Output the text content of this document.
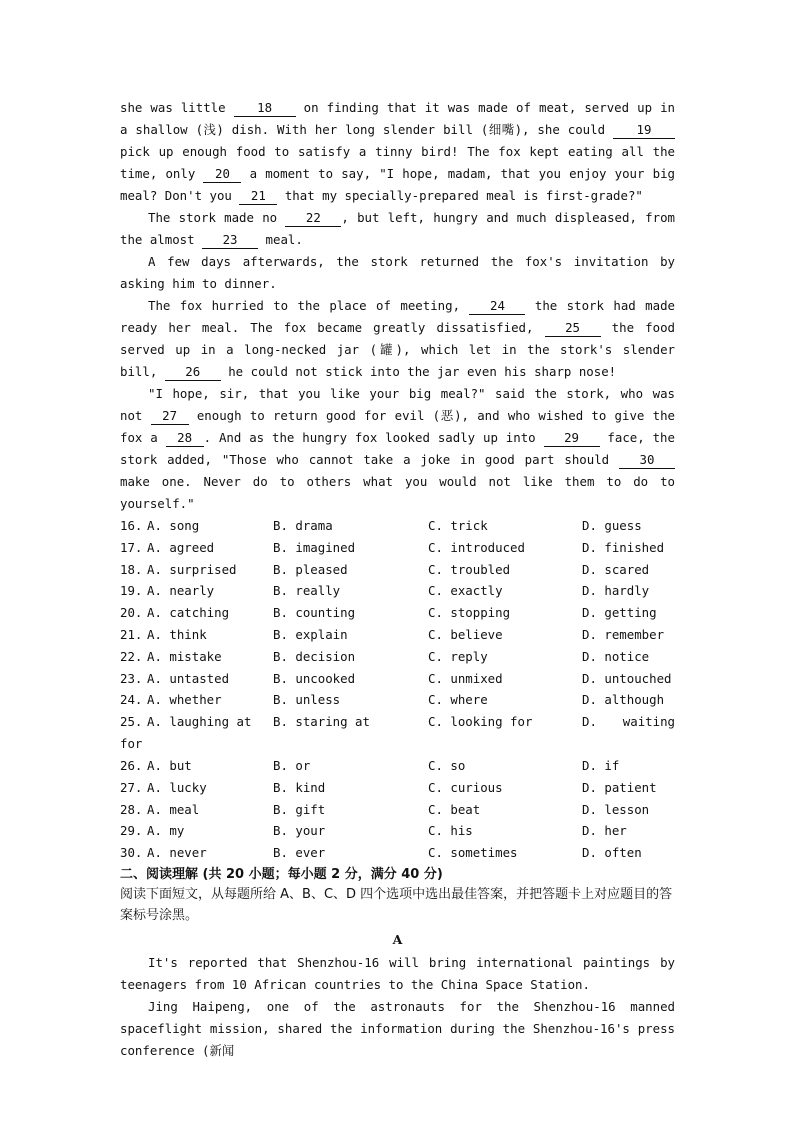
she was little 18 on finding that it was made of meat, served up in a shallow (浅) dish. With her long slender bill (细嘴), she could 19 pick up enough food to satisfy a tinny bird! The fox kept eating all the time, only 20 a moment to say, "I hope, madam, that you enjoy your big meal? Don't you 21 that my specially-prepared meal is first-grade?"
The stork made no 22 , but left, hungry and much displeased, from the almost 23 meal.
A few days afterwards, the stork returned the fox's invitation by asking him to dinner.
The fox hurried to the place of meeting, 24 the stork had made ready her meal. The fox became greatly dissatisfied, 25 the food served up in a long-necked jar (罐), which let in the stork's slender bill, 26 he could not stick into the jar even his sharp nose!
"I hope, sir, that you like your big meal?" said the stork, who was not 27 enough to return good for evil (恶), and who wished to give the fox a 28 . And as the hungry fox looked sadly up into 29 face, the stork added, "Those who cannot take a joke in good part should 30 make one. Never do to others what you would not like them to do to yourself."
16. A. song	B. drama	C. trick	D. guess
17. A. agreed	B. imagined	C. introduced	D. finished
18. A. surprised	B. pleased	C. troubled	D. scared
19. A. nearly	B. really	C. exactly	D. hardly
20. A. catching	B. counting	C. stopping	D. getting
21. A. think	B. explain	C. believe	D. remember
22. A. mistake	B. decision	C. reply	D. notice
23. A. untasted	B. uncooked	C. unmixed	D. untouched
24. A. whether	B. unless	C. where	D. although
25. A. laughing at	B. staring at	C. looking for	D. waiting
for
26. A. but	B. or	C. so	D. if
27. A. lucky	B. kind	C. curious	D. patient
28. A. meal	B. gift	C. beat	D. lesson
29. A. my	B. your	C. his	D. her
30. A. never	B. ever	C. sometimes	D. often
二、阅读理解 (共 20 小题；每小题 2 分，满分 40 分)
阅读下面短文，从每题所给 A、B、C、D 四个选项中选出最佳答案，并把答题卡上对应题目的答案标号涂黑。
A
It's reported that Shenzhou-16 will bring international paintings by teenagers from 10 African countries to the China Space Station.
Jing Haipeng, one of the astronauts for the Shenzhou-16 manned spaceflight mission, shared the information during the Shenzhou-16's press conference (新闻
